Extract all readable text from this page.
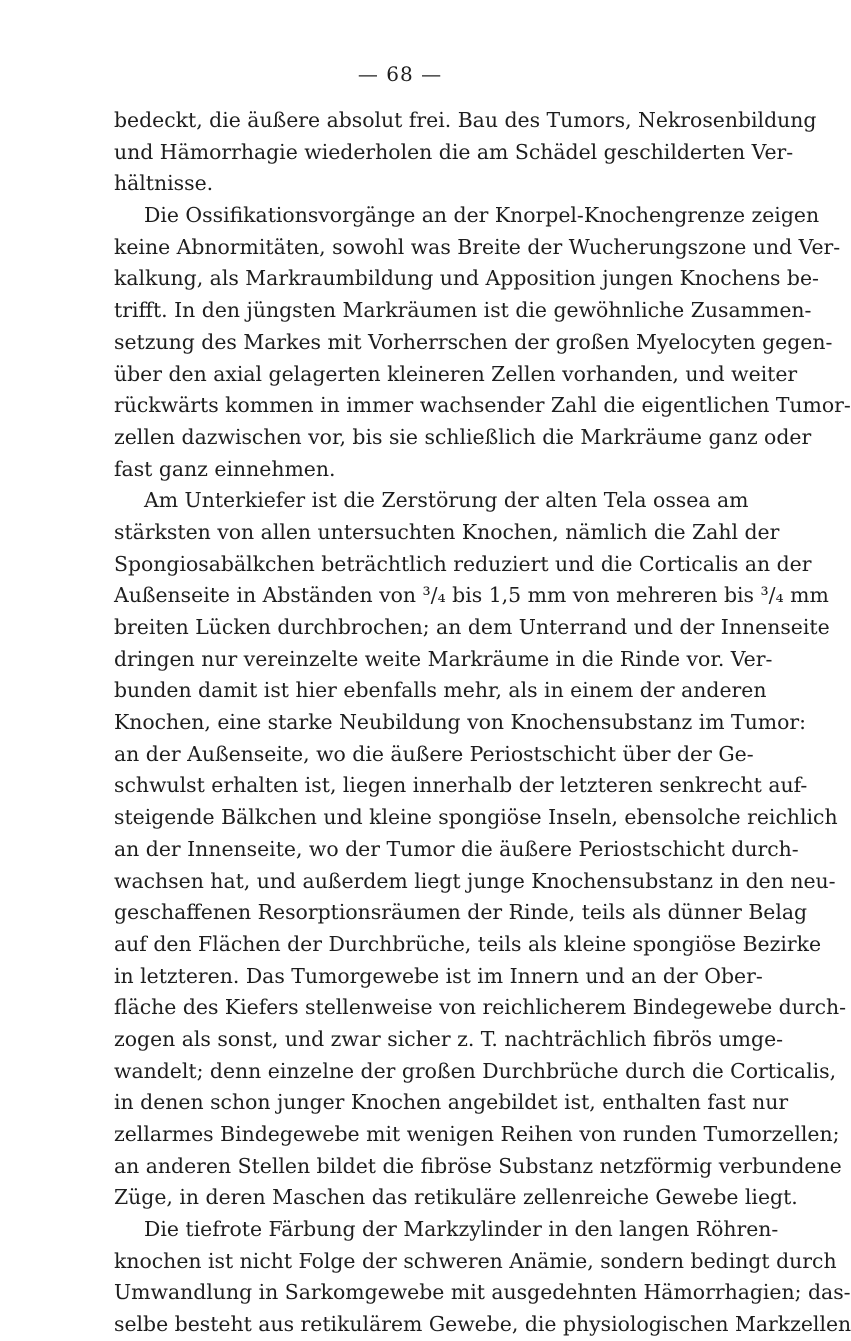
— 68 —
bedeckt, die äußere absolut frei. Bau des Tumors, Nekrosenbildung
und Hämorrhagie wiederholen die am Schädel geschilderten Ver-
hältnisse.
Die Ossifikationsvorgänge an der Knorpel-Knochengrenze zeigen
keine Abnormitäten, sowohl was Breite der Wucherungszone und Ver-
kalkung, als Markraumbildung und Apposition jungen Knochens be-
trifft. In den jüngsten Markräumen ist die gewöhnliche Zusammen-
setzung des Markes mit Vorherrschen der großen Myelocyten gegen-
über den axial gelagerten kleineren Zellen vorhanden, und weiter
rückwärts kommen in immer wachsender Zahl die eigentlichen Tumor-
zellen dazwischen vor, bis sie schließlich die Markräume ganz oder
fast ganz einnehmen.
Am Unterkiefer ist die Zerstörung der alten Tela ossea am
stärksten von allen untersuchten Knochen, nämlich die Zahl der
Spongiosabälkchen beträchtlich reduziert und die Corticalis an der
Außenseite in Abständen von ³/₄ bis 1,5 mm von mehreren bis ³/₄ mm
breiten Lücken durchbrochen; an dem Unterrand und der Innenseite
dringen nur vereinzelte weite Markräume in die Rinde vor. Ver-
bunden damit ist hier ebenfalls mehr, als in einem der anderen
Knochen, eine starke Neubildung von Knochensubstanz im Tumor:
an der Außenseite, wo die äußere Periostschicht über der Ge-
schwulst erhalten ist, liegen innerhalb der letzteren senkrecht auf-
steigende Bälkchen und kleine spongiöse Inseln, ebensolche reichlich
an der Innenseite, wo der Tumor die äußere Periostschicht durch-
wachsen hat, und außerdem liegt junge Knochensubstanz in den neu-
geschaffenen Resorptionsräumen der Rinde, teils als dünner Belag
auf den Flächen der Durchbrüche, teils als kleine spongiöse Bezirke
in letzteren. Das Tumorgewebe ist im Innern und an der Ober-
fläche des Kiefers stellenweise von reichlicherem Bindegewebe durch-
zogen als sonst, und zwar sicher z. T. nachträchlich fibrös umge-
wandelt; denn einzelne der großen Durchbrüche durch die Corticalis,
in denen schon junger Knochen angebildet ist, enthalten fast nur
zellarmes Bindegewebe mit wenigen Reihen von runden Tumorzellen;
an anderen Stellen bildet die fibröse Substanz netzförmig verbundene
Züge, in deren Maschen das retikuläre zellenreiche Gewebe liegt.
Die tiefrote Färbung der Markzylinder in den langen Röhren-
knochen ist nicht Folge der schweren Anämie, sondern bedingt durch
Umwandlung in Sarkomgewebe mit ausgedehnten Hämorrhagien; das-
selbe besteht aus retikulärem Gewebe, die physiologischen Markzellen
